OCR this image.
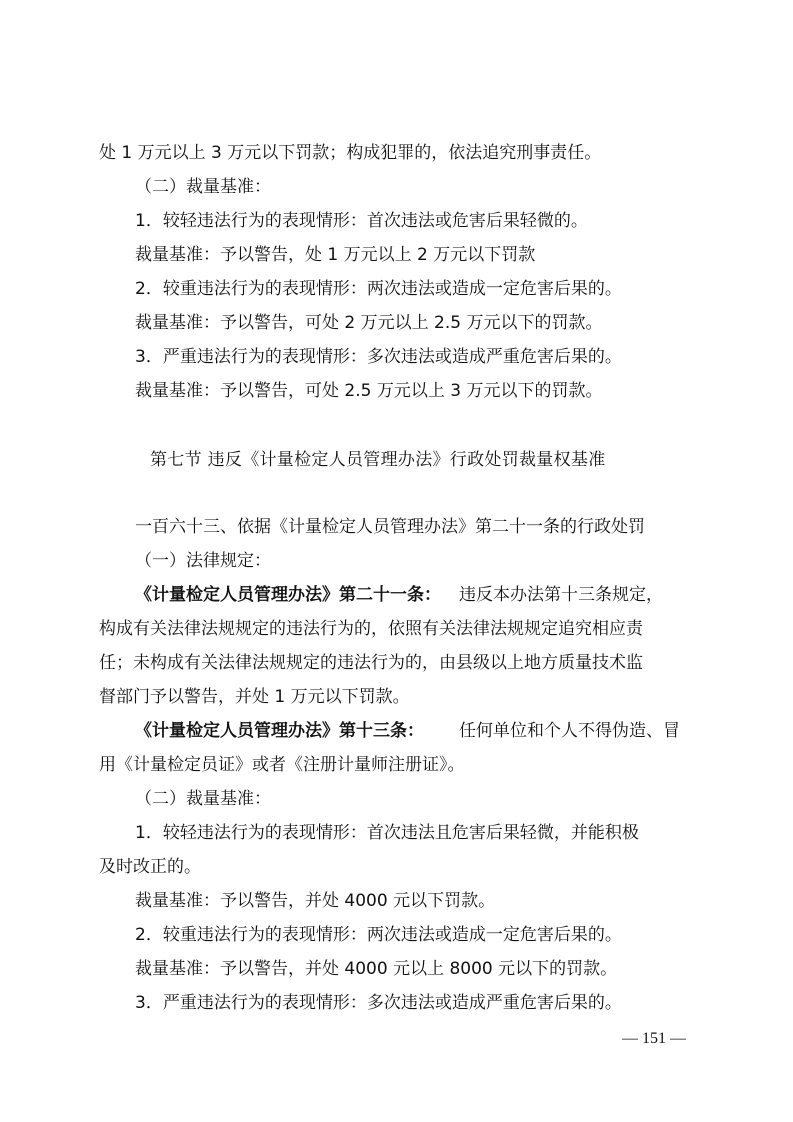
处 1 万元以上 3 万元以下罚款；构成犯罪的，依法追究刑事责任。
（二）裁量基准：
1．较轻违法行为的表现情形：首次违法或危害后果轻微的。
裁量基准：予以警告，处 1 万元以上 2 万元以下罚款
2．较重违法行为的表现情形：两次违法或造成一定危害后果的。
裁量基准：予以警告，可处 2 万元以上 2.5 万元以下的罚款。
3．严重违法行为的表现情形：多次违法或造成严重危害后果的。
裁量基准：予以警告，可处 2.5 万元以上 3 万元以下的罚款。
第七节 违反《计量检定人员管理办法》行政处罚裁量权基准
一百六十三、依据《计量检定人员管理办法》第二十一条的行政处罚
（一）法律规定：
《计量检定人员管理办法》第二十一条： 违反本办法第十三条规定，
构成有关法律法规规定的违法行为的，依照有关法律法规规定追究相应责
任；未构成有关法律法规规定的违法行为的，由县级以上地方质量技术监
督部门予以警告，并处 1 万元以下罚款。
《计量检定人员管理办法》第十三条： 任何单位和个人不得伪造、冒
用《计量检定员证》或者《注册计量师注册证》。
（二）裁量基准：
1．较轻违法行为的表现情形：首次违法且危害后果轻微，并能积极
及时改正的。
裁量基准：予以警告，并处 4000 元以下罚款。
2．较重违法行为的表现情形：两次违法或造成一定危害后果的。
裁量基准：予以警告，并处 4000 元以上 8000 元以下的罚款。
3．严重违法行为的表现情形：多次违法或造成严重危害后果的。
— 151 —
